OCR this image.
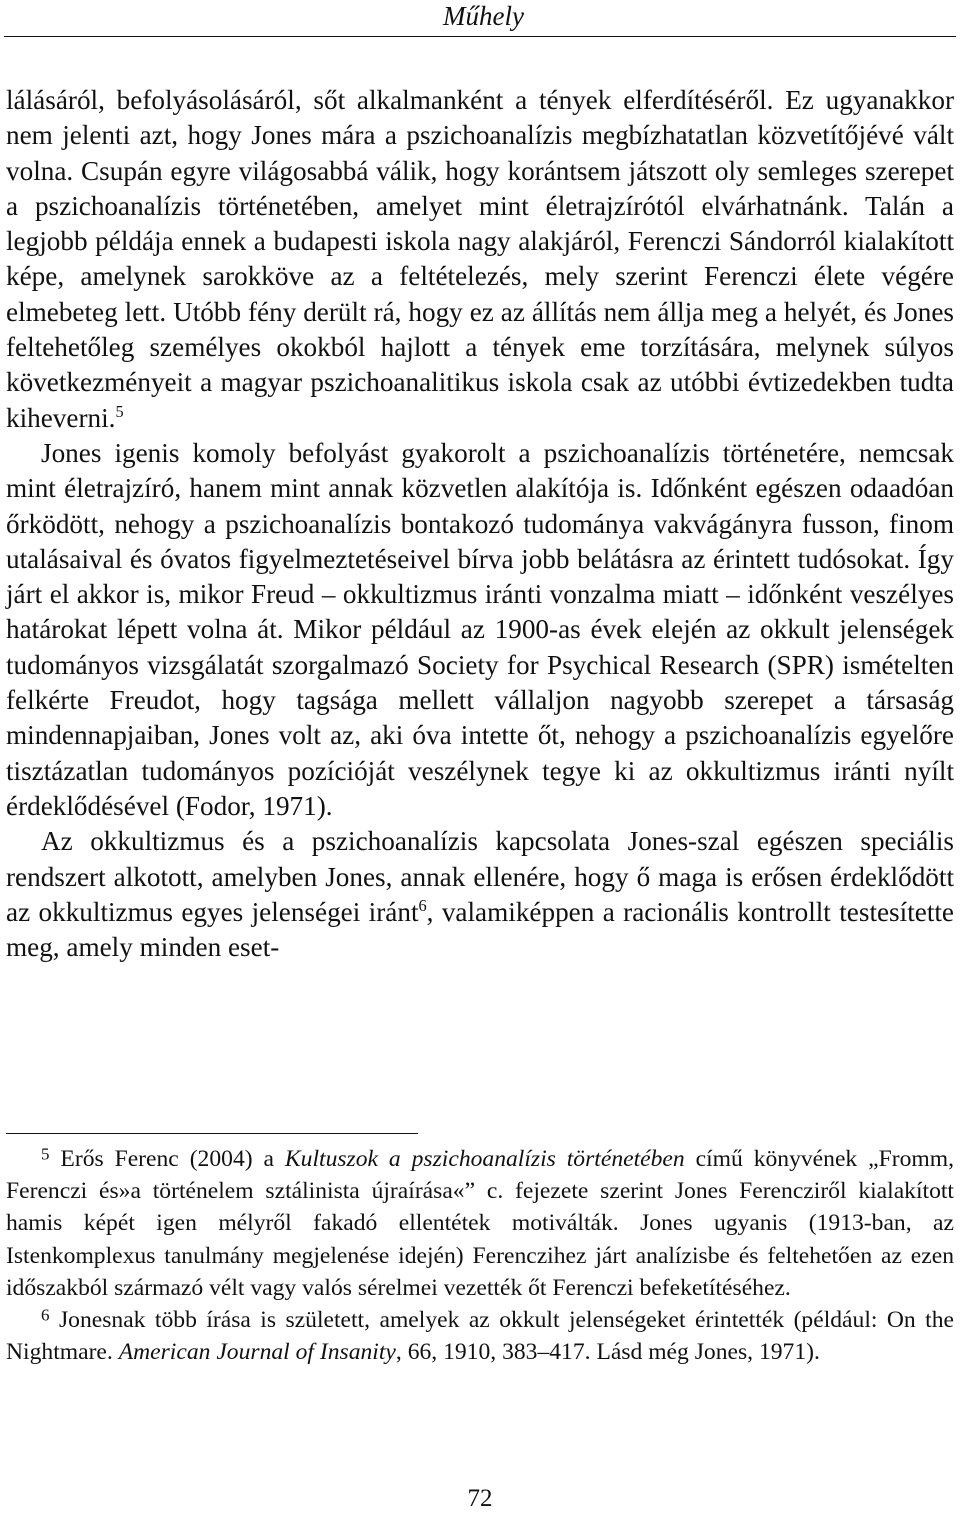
Műhely

lálásáról, befolyásolásáról, sőt alkalmanként a tények elferdítéséről. Ez ugyanakkor nem jelenti azt, hogy Jones mára a pszichoanalízis megbízhatatlan közvetítőjévé vált volna. Csupán egyre világosabbá válik, hogy korántsem játszott oly semleges szerepet a pszichoanalízis történetében, amelyet mint életrajzírótól elvárhatnánk. Talán a legjobb példája ennek a budapesti iskola nagy alakjáról, Ferenczi Sándorról kialakított képe, amelynek sarokköve az a feltételezés, mely szerint Ferenczi élete végére elmebeteg lett. Utóbb fény derült rá, hogy ez az állítás nem állja meg a helyét, és Jones feltehetőleg személyes okokból hajlott a tények eme torzítására, melynek súlyos következményeit a magyar pszichoanalitikus iskola csak az utóbbi évtizedekben tudta kiheverni.$^5$

Jones igenis komoly befolyást gyakorolt a pszichoanalízis történetére, nemcsak mint életrajzíró, hanem mint annak közvetlen alakítója is. Időnként egészen odaadóan őrködött, nehogy a pszichoanalízis bontakozó tudománya vakvágányra fusson, finom utalásaival és óvatos figyelmeztetéseivel bírva jobb belátásra az érintett tudósokat. Így járt el akkor is, mikor Freud – okkultizmus iránti vonzalma miatt – időnként veszélyes határokat lépett volna át. Mikor például az 1900-as évek elején az okkult jelenségek tudományos vizsgálatát szorgalmazó Society for Psychical Research (SPR) ismételten felkérte Freudot, hogy tagsága mellett vállaljon nagyobb szerepet a társaság mindennapjaiban, Jones volt az, aki óva intette őt, nehogy a pszichoanalízis egyelőre tisztázatlan tudományos pozícióját veszélynek tegye ki az okkultizmus iránti nyílt érdeklődésével (Fodor, 1971).

Az okkultizmus és a pszichoanalízis kapcsolata Jones-szal egészen speciális rendszert alkotott, amelyben Jones, annak ellenére, hogy ő maga is erősen érdeklődött az okkultizmus egyes jelenségei iránt$^6$, valamiképpen a racionális kontrollt testesítette meg, amely minden eset-

$^5$ Erős Ferenc (2004) a Kultuszok a pszichoanalízis történetében című könyvének „Fromm, Ferenczi és»a történelem sztálinista újraírása«” c. fejezete szerint Jones Ferencziről kialakított hamis képét igen mélyről fakadó ellentétek motiválták. Jones ugyanis (1913-ban, az Istenkomplexus tanulmány megjelenése idején) Ferenczihez járt analízisbe és feltehetően az ezen időszakból származó vélt vagy valós sérelmei vezették őt Ferenczi befeketítéséhez.

$^6$ Jonesnak több írása is született, amelyek az okkult jelenségeket érintették (például: On the Nightmare. American Journal of Insanity, 66, 1910, 383–417. Lásd még Jones, 1971).

72
